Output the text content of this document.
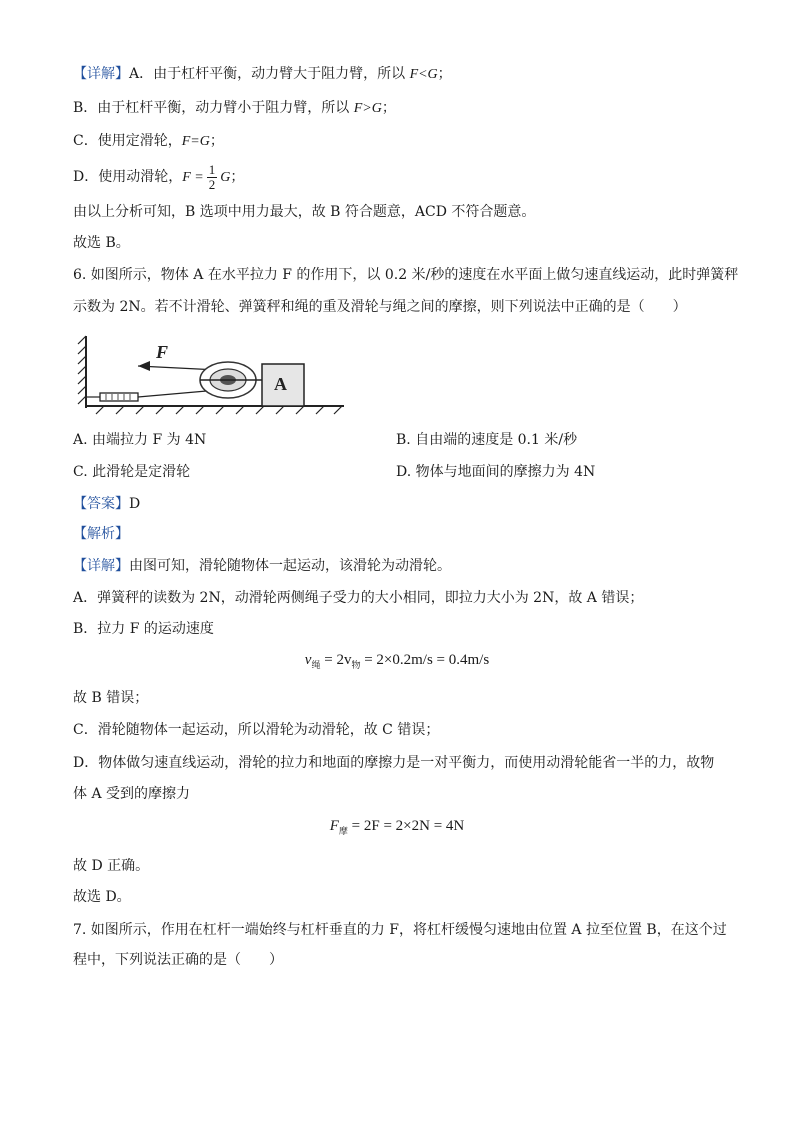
【详解】A．由于杠杆平衡，动力臂大于阻力臂，所以 F<G；
B．由于杠杆平衡，动力臂小于阻力臂，所以 F>G；
C．使用定滑轮，F=G；
D．使用动滑轮，$F = \frac{1}{2}$ G；
由以上分析可知，B 选项中用力最大，故 B 符合题意，ACD 不符合题意。
故选 B。
6. 如图所示，物体 A 在水平拉力 F 的作用下，以 0.2 米/秒的速度在水平面上做匀速直线运动，此时弹簧秤
示数为 2N。若不计滑轮、弹簧秤和绳的重及滑轮与绳之间的摩擦，则下列说法中正确的是（　　）
F
A
A. 由端拉力 F 为 4N	B. 自由端的速度是 0.1 米/秒
C. 此滑轮是定滑轮	D. 物体与地面间的摩擦力为 4N
【答案】D
【解析】
【详解】由图可知，滑轮随物体一起运动，该滑轮为动滑轮。
A．弹簧秤的读数为 2N，动滑轮两侧绳子受力的大小相同，即拉力大小为 2N，故 A 错误；
B．拉力 F 的运动速度
$v_绳 = 2v_物 = 2\times 0.2m/s = 0.4m/s$
故 B 错误；
C．滑轮随物体一起运动，所以滑轮为动滑轮，故 C 错误；
D．物体做匀速直线运动，滑轮的拉力和地面的摩擦力是一对平衡力，而使用动滑轮能省一半的力，故物
体 A 受到的摩擦力
$F_摩 = 2F = 2\times 2N = 4N$
故 D 正确。
故选 D。
7. 如图所示，作用在杠杆一端始终与杠杆垂直的力 F，将杠杆缓慢匀速地由位置 A 拉至位置 B，在这个过
程中，下列说法正确的是（　　）
